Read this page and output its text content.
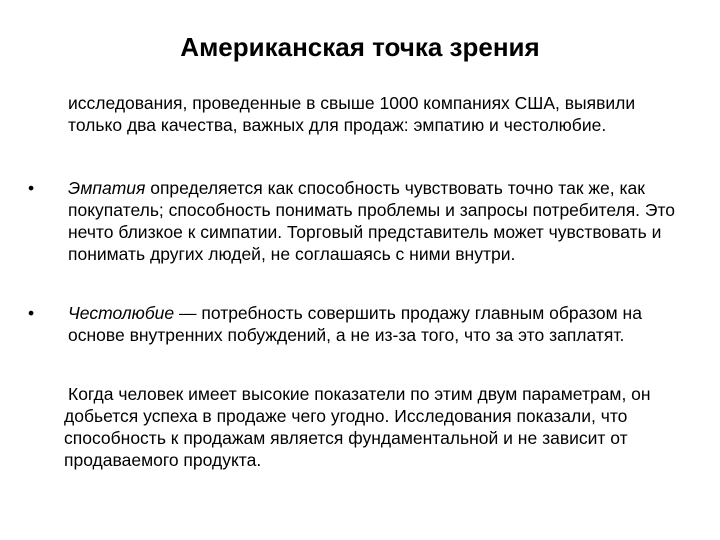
Американская точка зрения

исследования, проведенные в свыше 1000 компаниях США, выявили только два качества, важных для продаж: эмпатию и честолюбие.

• Эмпатия определяется как способность чувствовать точно так же, как покупатель; способность понимать проблемы и запросы потребителя. Это нечто близкое к симпатии. Торговый представитель может чувствовать и понимать других людей, не соглашаясь с ними внутри.
• Честолюбие — потребность совершить продажу главным образом на основе внутренних побуждений, а не из-за того, что за это заплатят.

Когда человек имеет высокие показатели по этим двум параметрам, он добьется успеха в продаже чего угодно. Исследования показали, что способность к продажам является фундаментальной и не зависит от продаваемого продукта.
